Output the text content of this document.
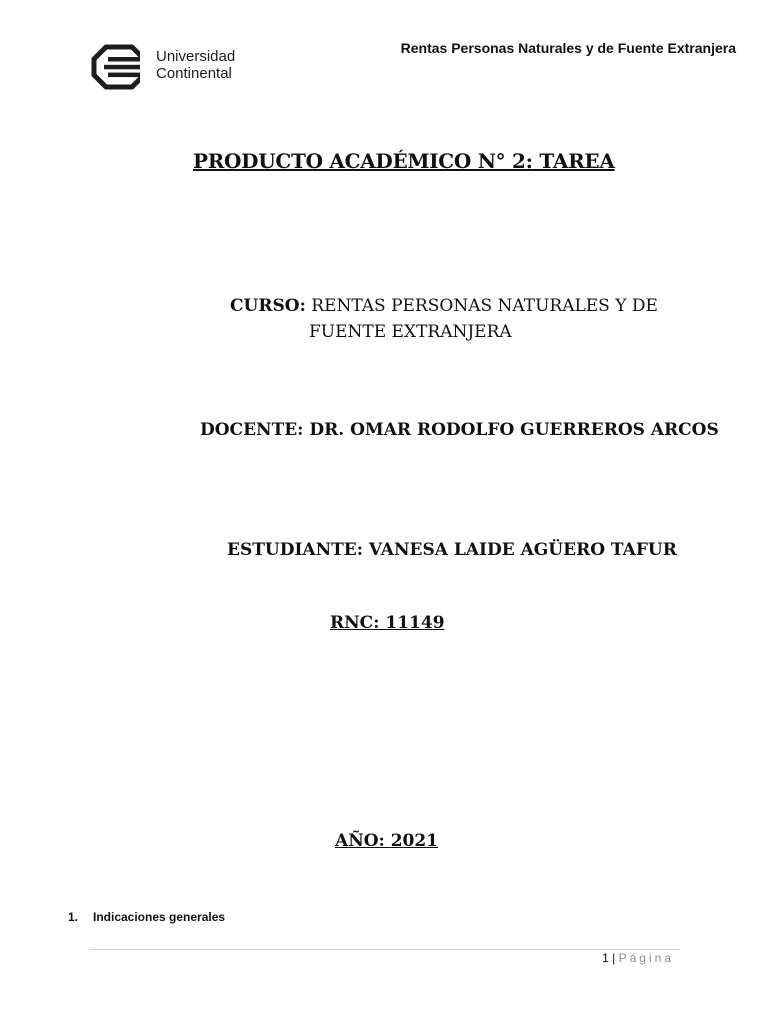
Universidad
Continental
Rentas Personas Naturales y de Fuente Extranjera
PRODUCTO ACADÉMICO N° 2: TAREA
CURSO: RENTAS PERSONAS NATURALES Y DE
FUENTE EXTRANJERA
DOCENTE: DR. OMAR RODOLFO GUERREROS ARCOS
ESTUDIANTE: VANESA LAIDE AGÜERO TAFUR
RNC: 11149
AÑO: 2021
1. Indicaciones generales
1 | Página
